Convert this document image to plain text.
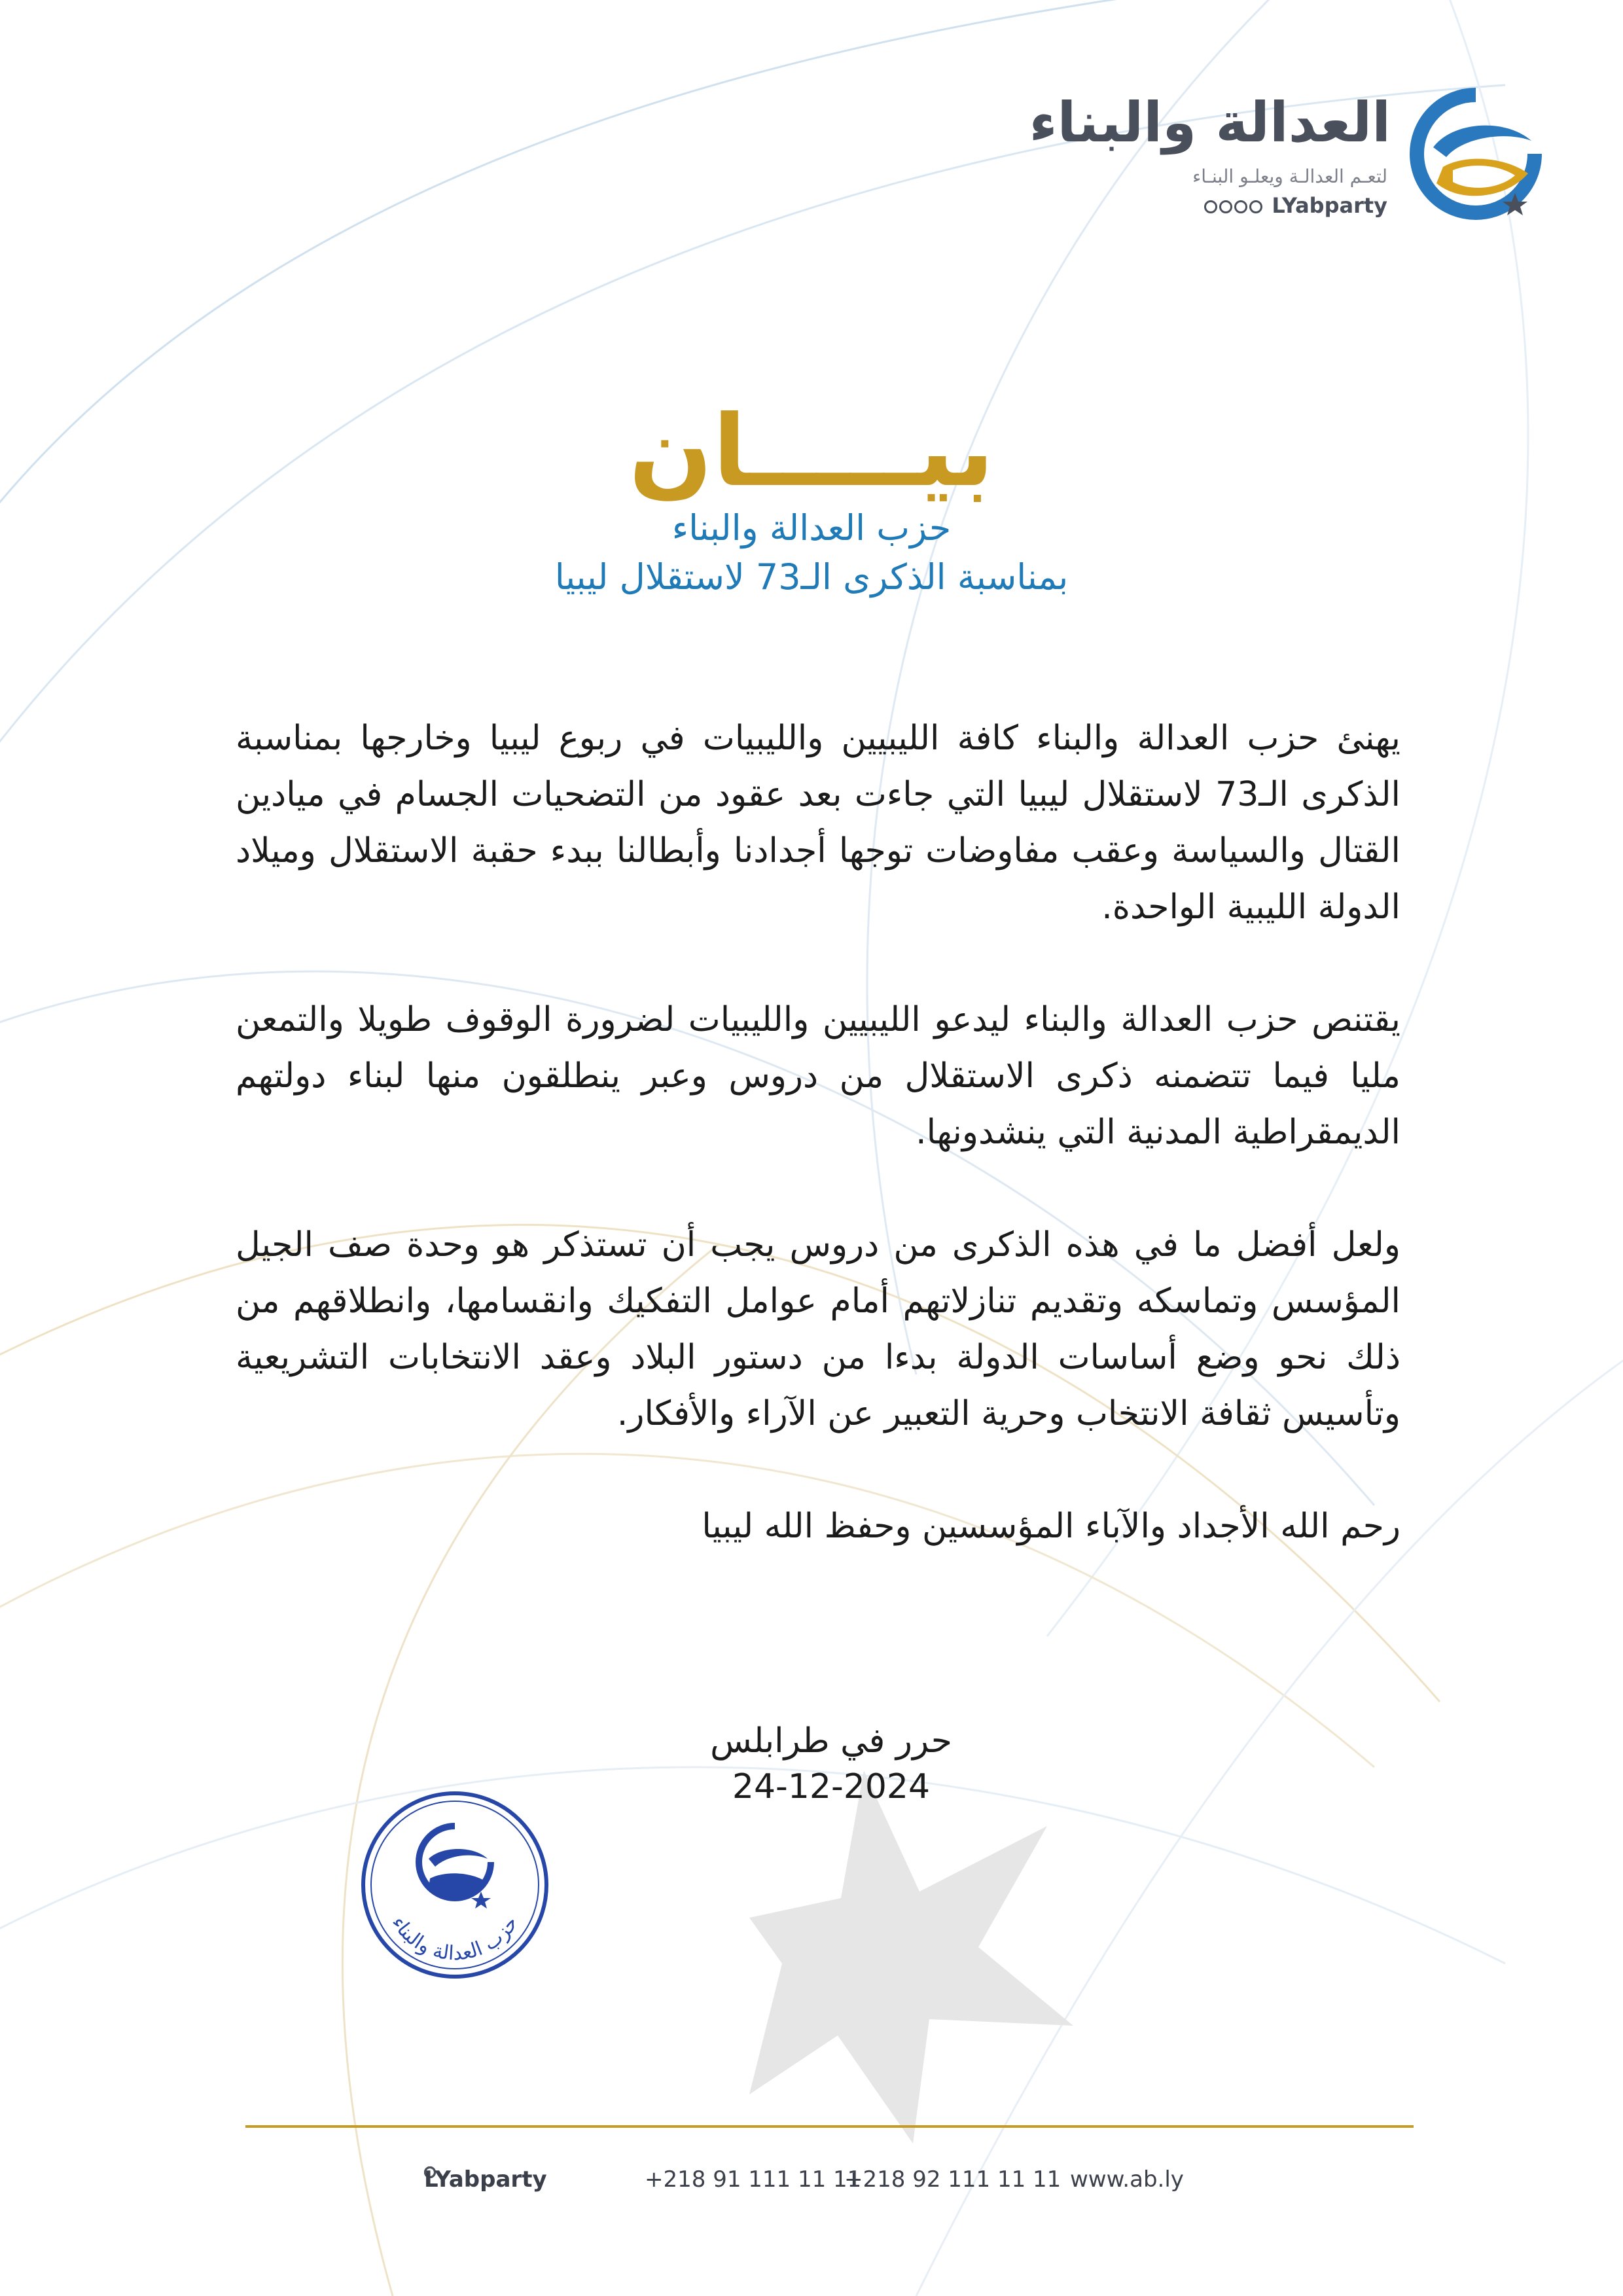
العدالة والبناء
لتعـم العدالـة ويعلـو البنـاء
LYabparty
بيـــــان
حزب العدالة والبناء
بمناسبة الذكرى الـ73 لاستقلال ليبيا

يهنئ حزب العدالة والبناء كافة الليبيين والليبيات في ربوع ليبيا وخارجها بمناسبة الذكرى الـ73 لاستقلال ليبيا التي جاءت بعد عقود من التضحيات الجسام في ميادين القتال والسياسة وعقب مفاوضات توجها أجدادنا وأبطالنا ببدء حقبة الاستقلال وميلاد الدولة الليبية الواحدة.

يقتنص حزب العدالة والبناء ليدعو الليبيين والليبيات لضرورة الوقوف طويلا والتمعن مليا فيما تتضمنه ذكرى الاستقلال من دروس وعبر ينطلقون منها لبناء دولتهم الديمقراطية المدنية التي ينشدونها.

ولعل أفضل ما في هذه الذكرى من دروس يجب أن تستذكر هو وحدة صف الجيل المؤسس وتماسكه وتقديم تنازلاتهم أمام عوامل التفكيك وانقسامها، وانطلاقهم من ذلك نحو وضع أساسات الدولة بدءا من دستور البلاد وعقد الانتخابات التشريعية وتأسيس ثقافة الانتخاب وحرية التعبير عن الآراء والأفكار.

رحم الله الأجداد والآباء المؤسسين وحفظ الله ليبيا

حرر في طرابلس
24-12-2024
حزب العدالة والبناء
LYabparty	+218 91 111 11 11
+218 92 111 11 11 www.ab.ly
